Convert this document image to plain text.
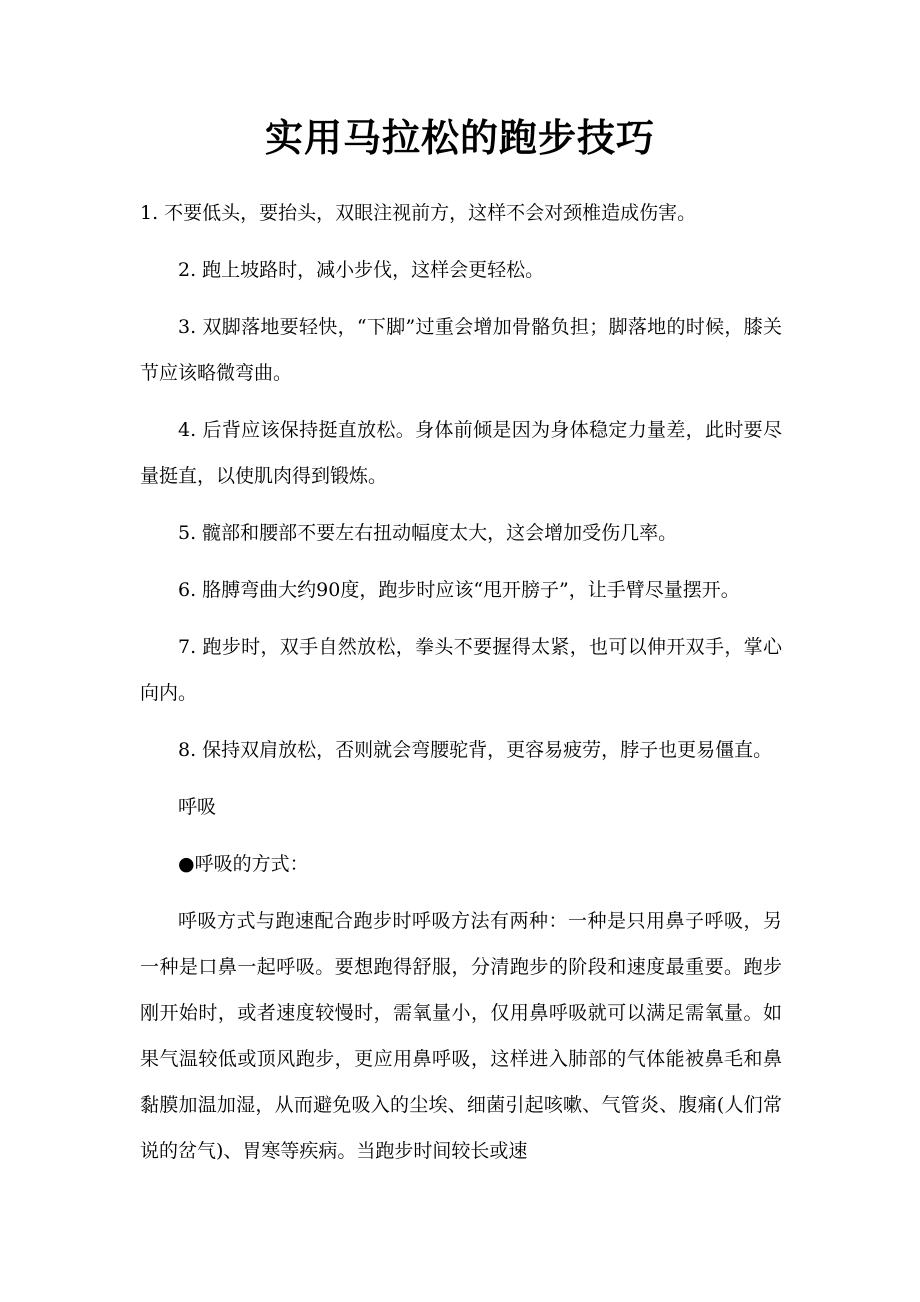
实用马拉松的跑步技巧

1. 不要低头，要抬头，双眼注视前方，这样不会对颈椎造成伤害。

2. 跑上坡路时，减小步伐，这样会更轻松。

3. 双脚落地要轻快，“下脚”过重会增加骨骼负担；脚落地的时候，膝关节应该略微弯曲。

4. 后背应该保持挺直放松。身体前倾是因为身体稳定力量差，此时要尽量挺直，以使肌肉得到锻炼。

5. 髋部和腰部不要左右扭动幅度太大，这会增加受伤几率。

6. 胳膊弯曲大约90度，跑步时应该“甩开膀子”，让手臂尽量摆开。

7. 跑步时，双手自然放松，拳头不要握得太紧，也可以伸开双手，掌心向内。

8. 保持双肩放松，否则就会弯腰驼背，更容易疲劳，脖子也更易僵直。

呼吸

●呼吸的方式：

呼吸方式与跑速配合跑步时呼吸方法有两种：一种是只用鼻子呼吸，另一种是口鼻一起呼吸。要想跑得舒服，分清跑步的阶段和速度最重要。跑步刚开始时，或者速度较慢时，需氧量小，仅用鼻呼吸就可以满足需氧量。如果气温较低或顶风跑步，更应用鼻呼吸，这样进入肺部的气体能被鼻毛和鼻黏膜加温加湿，从而避免吸入的尘埃、细菌引起咳嗽、气管炎、腹痛(人们常说的岔气)、胃寒等疾病。当跑步时间较长或速
